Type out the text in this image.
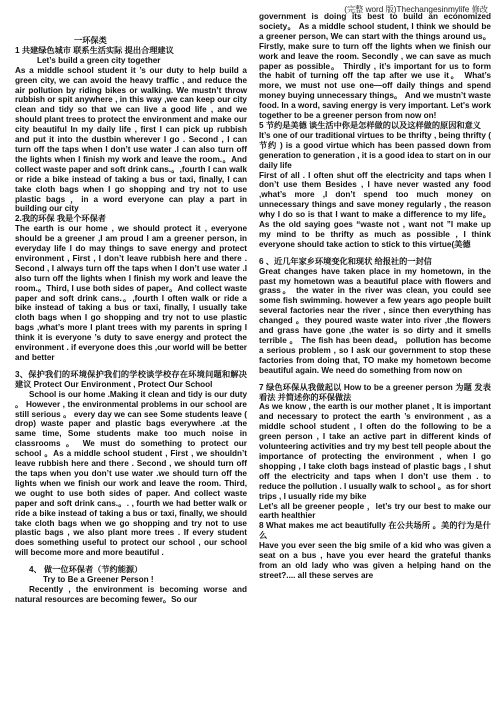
(完整 word 版)Thechangesinmylife 修改

一环保类

1 共建绿色城市 联系生活实际 提出合理建议

Let’s build a green city together

As a middle school student it ’s our duty to help build a green city, we can avoid the heavy traffic , and reduce the air pollution by riding bikes or walking. We mustn’t throw rubbish or spit anywhere , in this way ,we can keep our city clean and tidy so that we can live a good life , and we should plant trees to protect the environment and make our city beautiful In my daily life , first I can pick up rubbish and put it into the dustbin wherever I go . Second , I can turn off the taps when I don’t use water .I can also turn off the lights when I finish my work and leave the room.。And collect waste paper and soft drink cans.。,fourth I can walk or ride a bike instead of taking a bus or taxi, finally, I can take cloth bags when I go shopping and try not to use plastic bags ，in a word everyone can play a part in building our city

2.我的环保 我是个环保者

The earth is our home , we should protect it , everyone should be a greener ,I am proud I am a greener person, in everyday life I do may things to save energy and protect environment , First , I don’t leave rubbish here and there . Second , I always turn off the taps when I don’t use water .I also turn off the lights when I finish my work and leave the room.。Third, I use both sides of paper。And collect waste paper and soft drink cans.。,fourth I often walk or ride a bike instead of taking a bus or taxi, finally, I usually take cloth bags when I go shopping and try not to use plastic bags ,what’s more I plant trees with my parents in spring I think it is everyone ’s duty to save energy and protect the environment . if everyone does this ,our world will be better and better

3、保护我们的环境保护我们的学校谈学校存在环境问题和解决建议 Protect Our Environment , Protect Our School

School is our home .Making it clean and tidy is our duty 。 However , the environmental problems in our school are still serious 。 every day we can see Some students leave ( drop) waste paper and plastic bags everywhere .at the same time, Some students make too much noise in classrooms 。 We must do something to protect our school 。As a middle school student , First , we shouldn’t leave rubbish here and there . Second , we should turn off the taps when you don’t use water .we should turn off the lights when we finish our work and leave the room. Third, we ought to use both sides of paper. And collect waste paper and soft drink cans.。. , fourth we had better walk or ride a bike instead of taking a bus or taxi, finally, we should take cloth bags when we go shopping and try not to use plastic bags , we also plant more trees . If every student does something useful to protect our school , our school will become more and more beautiful .

4、 做一位环保者（节约能源）

Try to Be a Greener Person !

Recently , the environment is becoming worse and natural resources are becoming fewer。So our

government is doing its best to build an economized society。 As a middle school student, I think we should be a greener person, We can start with the things around us。 Firstly, make sure to turn off the lights when we finish our work and leave the room. Secondly , we can save as much paper as possible。 Thirdly , it’s important for us to form the habit of turning off the tap after we use it。 What’s more, we must not use one—off daily things and spend money buying unnecessary things。 And we mustn’t waste food. In a word, saving energy is very important. Let's work together to be a greener person from now on!

5 节约是美德 谈生活中你是怎样做的以及这样做的原因和意义

It’s one of our traditional virtues to be thrifty , being thrifty ( 节约 ) is a good virtue which has been passed down from generation to generation , it is a good idea to start on in our daily life
First of all . I often shut off the electricity and taps when I don’t use them Besides , I have never wasted any food ,what’s more ,I don’t spend too much money on unnecessary things and save money regularly , the reason why I do so is that I want to make a difference to my life。 As the old saying goes “waste not , want not ”I make up my mind to be thrifty as much as possible , I think everyone should take action to stick to this virtue(美德

6 、近几年家乡环境变化和现状 给报社的一封信

Great changes have taken place in my hometown, in the past my hometown was a beautiful place with flowers and grass。 the water in the river was clean, you could see some fish swimming. however a few years ago people built several factories near the river , since then everything has changed 。they poured waste water into river ,the flowers and grass have gone ,the water is so dirty and it smells terrible 。 The fish has been dead。 pollution has become a serious problem , so I ask our government to stop these factories from doing that, TO make my hometown become beautiful again. We need do something from now on

7 绿色环保从我做起以 How to be a greener person 为题 发表看法 并简述你的环保做法

As we know , the earth is our mother planet , It is important and necessary to protect the earth ’s environment , as a middle school student , I often do the following to be a green person , I take an active part in different kinds of volunteering activities and try my best tell people about the importance of protecting the environment , when I go shopping , I take cloth bags instead of plastic bags , I shut off the electricity and taps when I don’t use them . to reduce the pollution . I usually walk to school 。as for short trips , I usually ride my bike
Let’s all be greener people ，let’s try our best to make our earth healthier

8 What makes me act beautifully 在公共场所 。美的行为是什么

Have you ever seen the big smile of a kid who was given a seat on a bus , have you ever heard the grateful thanks from an old lady who was given a helping hand on the street?.... all these serves are
